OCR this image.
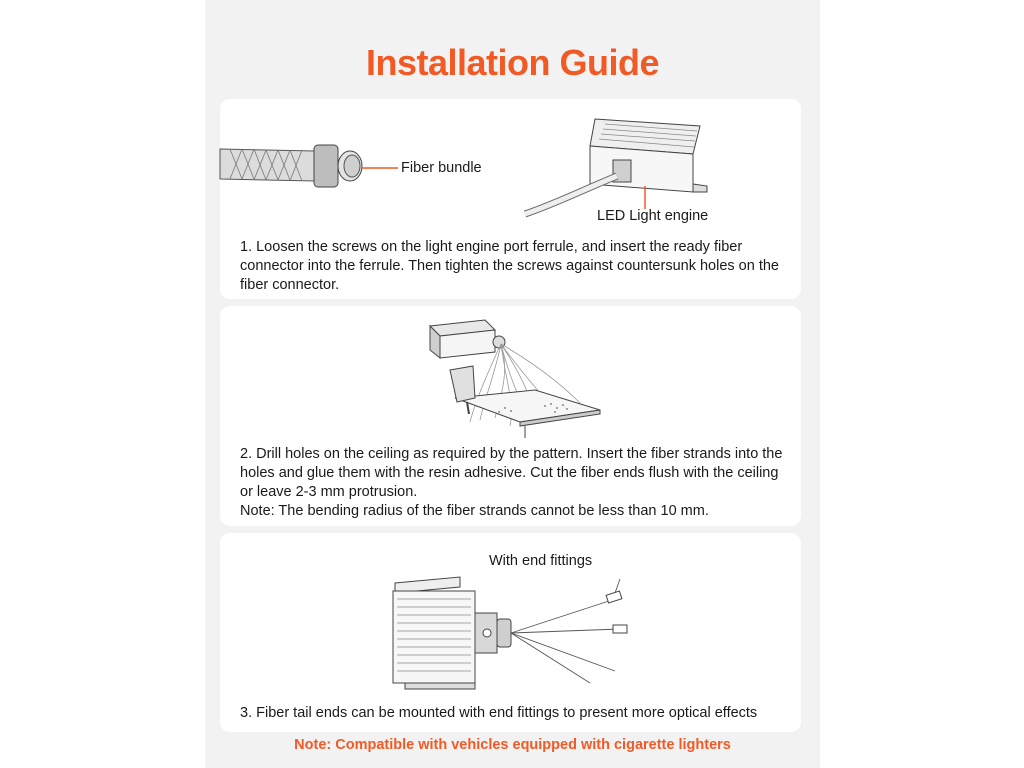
Installation Guide
Fiber bundle
LED Light engine
1. Loosen the screws on the light engine port ferrule, and insert the ready fiber connector into the ferrule. Then tighten the screws against countersunk holes on the fiber connector.
2. Drill holes on the ceiling as required by the pattern. Insert the fiber strands into the holes and glue them with the resin adhesive. Cut the fiber ends flush with the ceiling or leave 2-3 mm protrusion.
Note: The bending radius of the fiber strands cannot be less than 10 mm.
With end fittings
3. Fiber tail ends can be mounted with end fittings to present more optical effects
Note: Compatible with vehicles equipped with cigarette lighters
